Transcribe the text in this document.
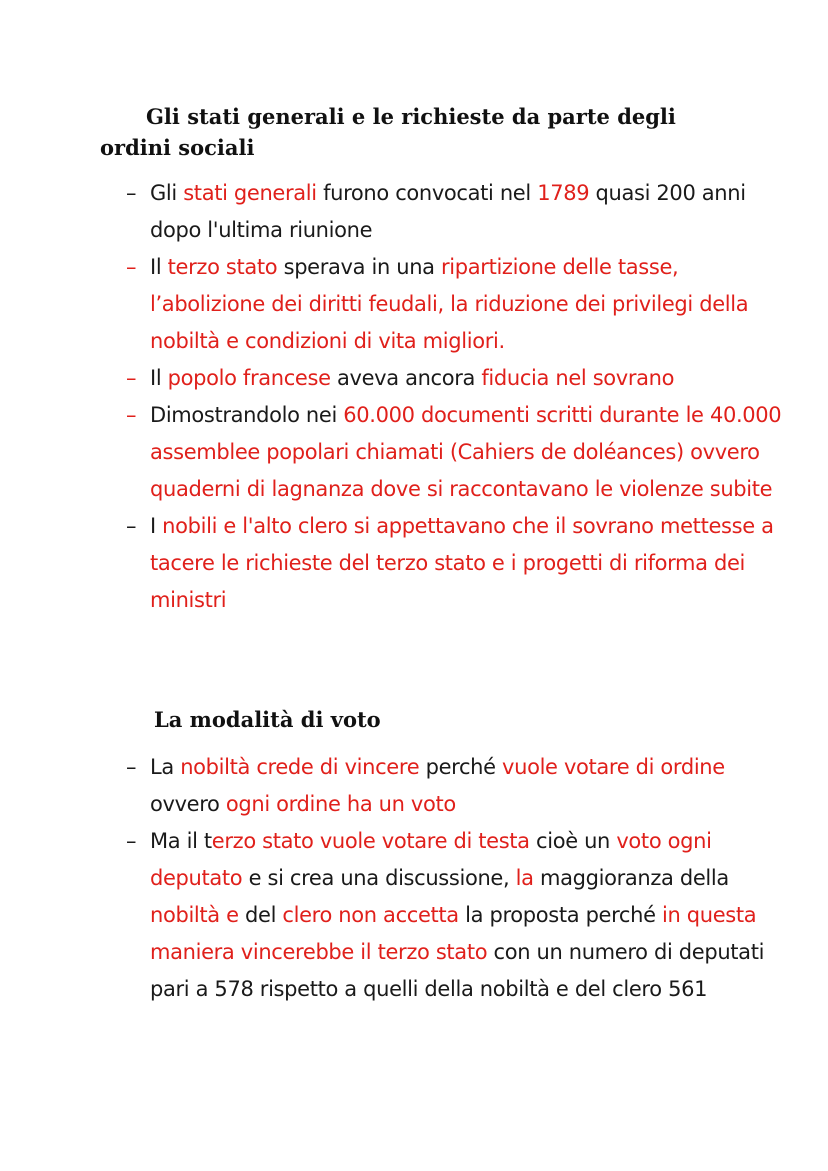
Gli stati generali e le richieste da parte degli ordini sociali
– Gli stati generali furono convocati nel 1789 quasi 200 anni dopo l'ultima riunione
– Il terzo stato sperava in una ripartizione delle tasse, l’abolizione dei diritti feudali, la riduzione dei privilegi della nobiltà e condizioni di vita migliori.
– Il popolo francese aveva ancora fiducia nel sovrano
– Dimostrandolo nei 60.000 documenti scritti durante le 40.000 assemblee popolari chiamati (Cahiers de doléances) ovvero quaderni di lagnanza dove si raccontavano le violenze subite
– I nobili e l'alto clero si appettavano che il sovrano mettesse a tacere le richieste del terzo stato e i progetti di riforma dei ministri
La modalità di voto
– La nobiltà crede di vincere perché vuole votare di ordine ovvero ogni ordine ha un voto
– Ma il terzo stato vuole votare di testa cioè un voto ogni deputato e si crea una discussione, la maggioranza della nobiltà e del clero non accetta la proposta perché in questa maniera vincerebbe il terzo stato con un numero di deputati pari a 578 rispetto a quelli della nobiltà e del clero 561
